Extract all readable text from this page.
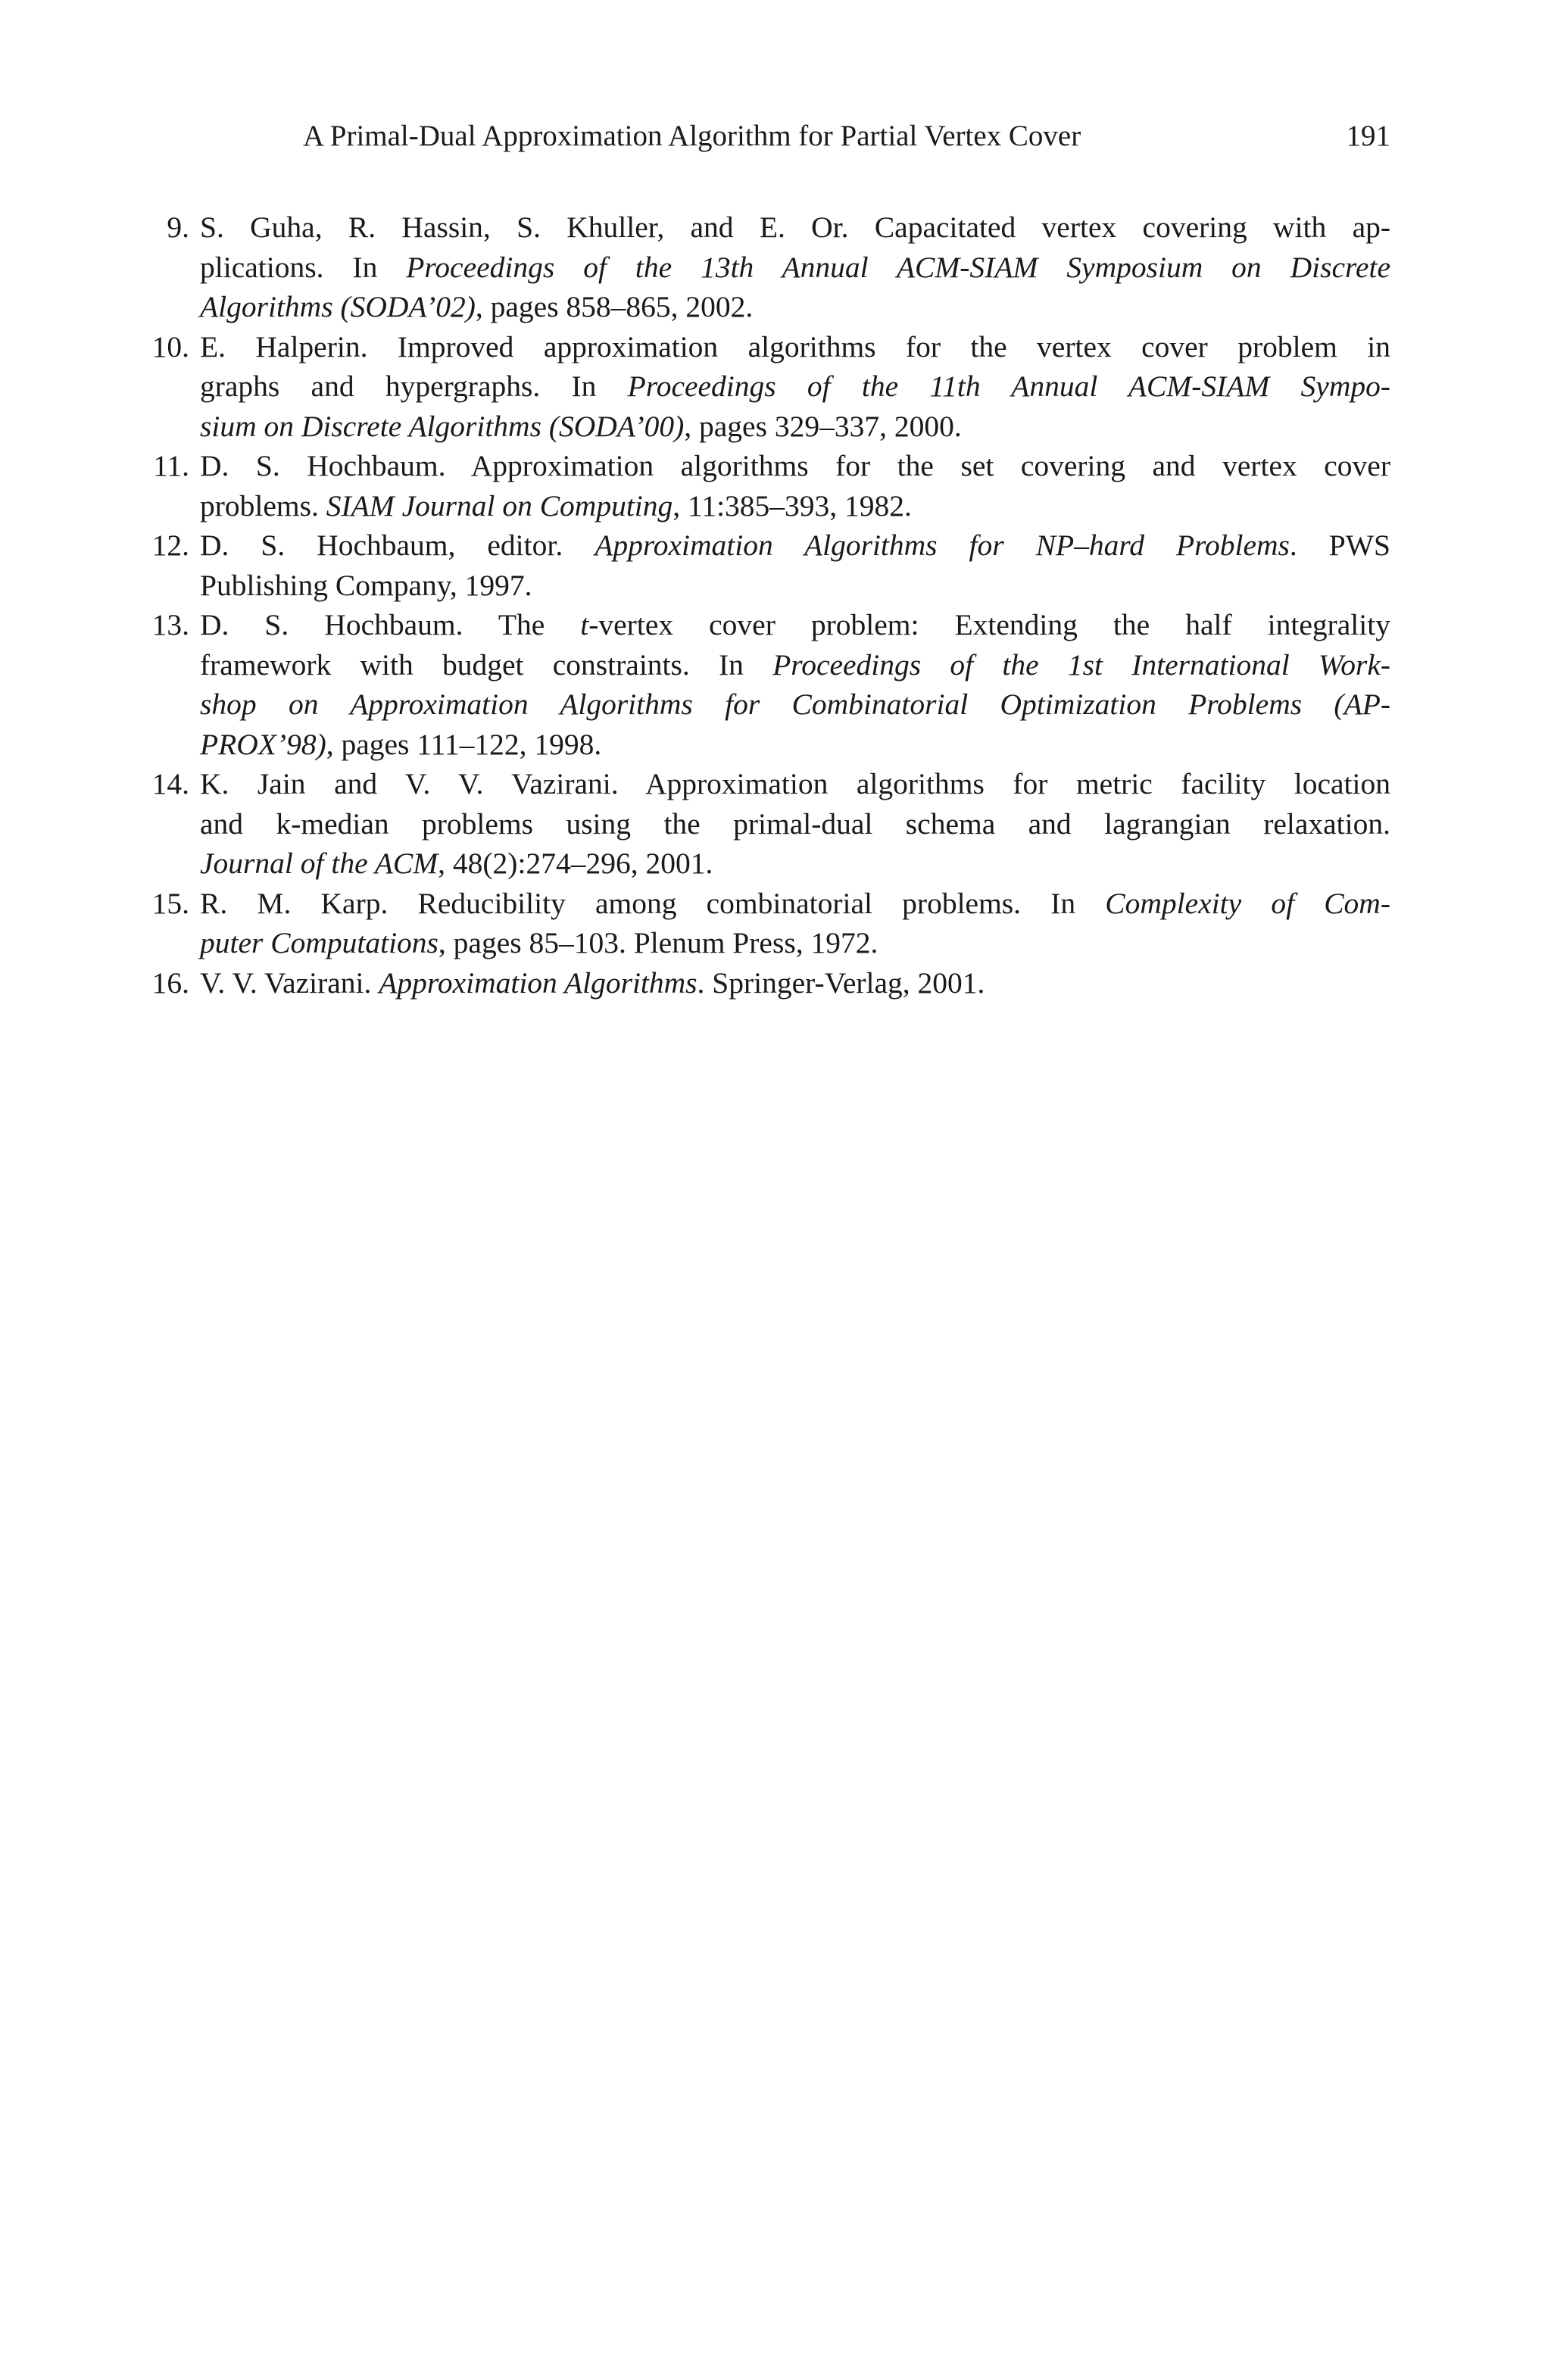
A Primal-Dual Approximation Algorithm for Partial Vertex Cover	191
9. S. Guha, R. Hassin, S. Khuller, and E. Or. Capacitated vertex covering with ap-
plications. In Proceedings of the 13th Annual ACM-SIAM Symposium on Discrete
Algorithms (SODA’02), pages 858–865, 2002.
10. E. Halperin. Improved approximation algorithms for the vertex cover problem in
graphs and hypergraphs. In Proceedings of the 11th Annual ACM-SIAM Sympo-
sium on Discrete Algorithms (SODA’00), pages 329–337, 2000.
11. D. S. Hochbaum. Approximation algorithms for the set covering and vertex cover
problems. SIAM Journal on Computing, 11:385–393, 1982.
12. D. S. Hochbaum, editor. Approximation Algorithms for NP–hard Problems. PWS
Publishing Company, 1997.
13. D. S. Hochbaum. The t-vertex cover problem: Extending the half integrality
framework with budget constraints. In Proceedings of the 1st International Work-
shop on Approximation Algorithms for Combinatorial Optimization Problems (AP-
PROX’98), pages 111–122, 1998.
14. K. Jain and V. V. Vazirani. Approximation algorithms for metric facility location
and k-median problems using the primal-dual schema and lagrangian relaxation.
Journal of the ACM, 48(2):274–296, 2001.
15. R. M. Karp. Reducibility among combinatorial problems. In Complexity of Com-
puter Computations, pages 85–103. Plenum Press, 1972.
16. V. V. Vazirani. Approximation Algorithms. Springer-Verlag, 2001.
